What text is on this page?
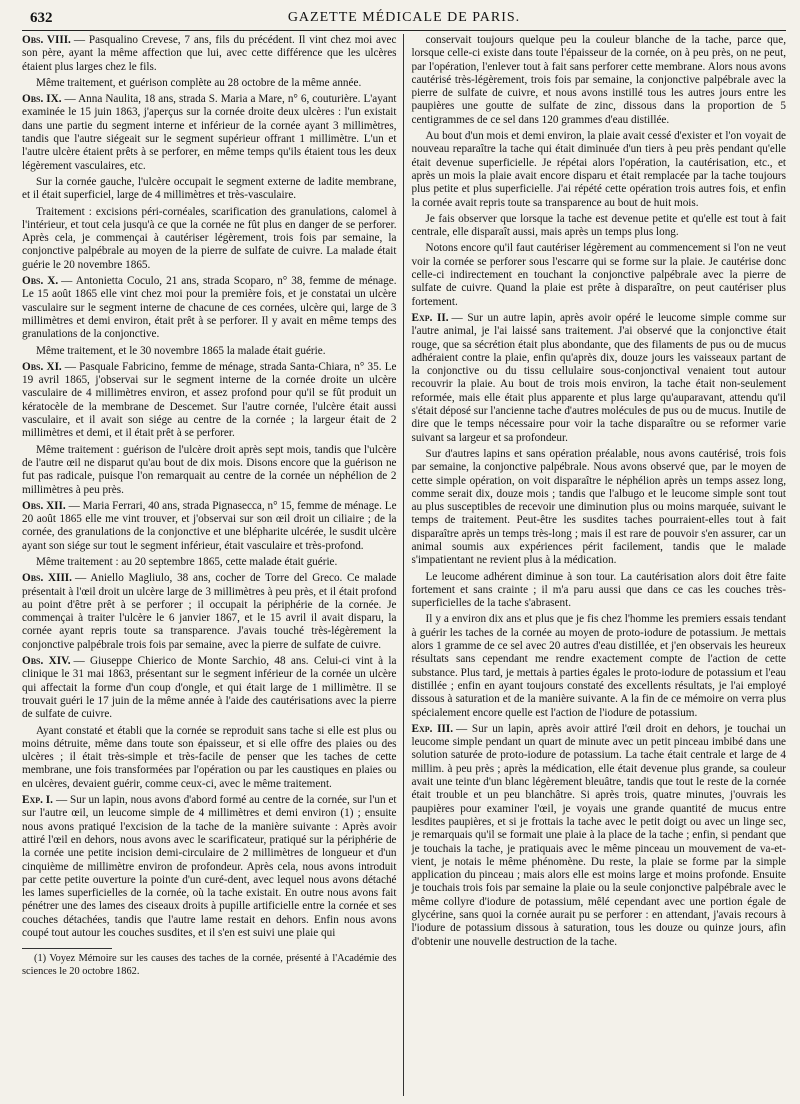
632	GAZETTE MÉDICALE DE PARIS.

Obs. VIII. — Pasqualino Crevese, 7 ans, fils du précédent. Il vint chez moi avec son père, ayant la même affection que lui, avec cette différence que les ulcères étaient plus larges chez le fils.

Même traitement, et guérison complète au 28 octobre de la même année.

Obs. IX. — Anna Naulita, 18 ans, strada S. Maria a Mare, n° 6, couturière. L'ayant examinée le 15 juin 1863, j'aperçus sur la cornée droite deux ulcères : l'un existait dans une partie du segment interne et inférieur de la cornée ayant 3 millimètres, tandis que l'autre siégeait sur le segment supérieur offrant 1 millimètre. L'un et l'autre ulcère étaient prêts à se perforer, en même temps qu'ils étaient tous les deux légèrement vasculaires, etc.

Sur la cornée gauche, l'ulcère occupait le segment externe de ladite membrane, et il était superficiel, large de 4 millimètres et très-vasculaire.

Traitement : excisions péri-cornéales, scarification des granulations, calomel à l'intérieur, et tout cela jusqu'à ce que la cornée ne fût plus en danger de se perforer. Après cela, je commençai à cautériser légèrement, trois fois par semaine, la conjonctive palpébrale au moyen de la pierre de sulfate de cuivre. La malade était guérie le 20 novembre 1865.

Obs. X. — Antonietta Coculo, 21 ans, strada Scoparo, n° 38, femme de ménage. Le 15 août 1865 elle vint chez moi pour la première fois, et je constatai un ulcère vasculaire sur le segment interne de chacune de ces cornées, ulcère qui, large de 3 millimètres et demi environ, était prêt à se perforer. Il y avait en même temps des granulations de la conjonctive.

Même traitement, et le 30 novembre 1865 la malade était guérie.

Obs. XI. — Pasquale Fabricino, femme de ménage, strada Santa-Chiara, n° 35. Le 19 avril 1865, j'observai sur le segment interne de la cornée droite un ulcère vasculaire de 4 millimètres environ, et assez profond pour qu'il se fût produit un kératocèle de la membrane de Descemet. Sur l'autre cornée, l'ulcère était aussi vasculaire, et il avait son siége au centre de la cornée ; la largeur était de 2 millimètres et demi, et il était prêt à se perforer.

Même traitement : guérison de l'ulcère droit après sept mois, tandis que l'ulcère de l'autre œil ne disparut qu'au bout de dix mois. Disons encore que la guérison ne fut pas radicale, puisque l'on remarquait au centre de la cornée un néphélion de 2 millimètres à peu près.

Obs. XII. — Maria Ferrari, 40 ans, strada Pignasecca, n° 15, femme de ménage. Le 20 août 1865 elle me vint trouver, et j'observai sur son œil droit un ciliaire ; de la cornée, des granulations de la conjonctive et une blépharite ulcérée, le susdit ulcère ayant son siége sur tout le segment inférieur, était vasculaire et très-profond.

Même traitement : au 20 septembre 1865, cette malade était guérie.

Obs. XIII. — Aniello Magliulo, 38 ans, cocher de Torre del Greco. Ce malade présentait à l'œil droit un ulcère large de 3 millimètres à peu près, et il était profond au point d'être prêt à se perforer ; il occupait la périphérie de la cornée. Je commençai à traiter l'ulcère le 6 janvier 1867, et le 15 avril il avait disparu, la cornée ayant repris toute sa transparence. J'avais touché très-légèrement la conjonctive palpébrale trois fois par semaine, avec la pierre de sulfate de cuivre.

Obs. XIV. — Giuseppe Chierico de Monte Sarchio, 48 ans. Celui-ci vint à la clinique le 31 mai 1863, présentant sur le segment inférieur de la cornée un ulcère qui affectait la forme d'un coup d'ongle, et qui était large de 1 millimètre. Il se trouvait guéri le 17 juin de la même année à l'aide des cautérisations avec la pierre de sulfate de cuivre.

Ayant constaté et établi que la cornée se reproduit sans tache si elle est plus ou moins détruite, même dans toute son épaisseur, et si elle offre des plaies ou des ulcères ; il était très-simple et très-facile de penser que les taches de cette membrane, une fois transformées par l'opération ou par les caustiques en plaies ou en ulcères, devaient guérir, comme ceux-ci, avec le même traitement.

Exp. I. — Sur un lapin, nous avons d'abord formé au centre de la cornée, sur l'un et sur l'autre œil, un leucome simple de 4 millimètres et demi environ (1) ; ensuite nous avons pratiqué l'excision de la tache de la manière suivante : Après avoir attiré l'œil en dehors, nous avons avec le scarificateur, pratiqué sur la périphérie de la cornée une petite incision demi-circulaire de 2 millimètres de longueur et d'un cinquième de millimètre environ de profondeur. Après cela, nous avons introduit par cette petite ouverture la pointe d'un curé-dent, avec lequel nous avons détaché les lames superficielles de la cornée, où la tache existait. En outre nous avons fait pénétrer une des lames des ciseaux droits à pupille artificielle entre la cornée et ses couches détachées, tandis que l'autre lame restait en dehors. Enfin nous avons coupé tout autour les couches susdites, et il s'en est suivi une plaie qui

(1) Voyez Mémoire sur les causes des taches de la cornée, présenté à l'Académie des sciences le 20 octobre 1862.

conservait toujours quelque peu la couleur blanche de la tache, parce que, lorsque celle-ci existe dans toute l'épaisseur de la cornée, on à peu près, on ne peut, par l'opération, l'enlever tout à fait sans perforer cette membrane. Alors nous avons cautérisé très-légèrement, trois fois par semaine, la conjonctive palpébrale avec la pierre de sulfate de cuivre, et nous avons instillé tous les autres jours entre les paupières une goutte de sulfate de zinc, dissous dans la proportion de 5 centigrammes de ce sel dans 120 grammes d'eau distillée.

Au bout d'un mois et demi environ, la plaie avait cessé d'exister et l'on voyait de nouveau reparaître la tache qui était diminuée d'un tiers à peu près pendant qu'elle était devenue superficielle. Je répétai alors l'opération, la cautérisation, etc., et après un mois la plaie avait encore disparu et était remplacée par la tache toujours plus petite et plus superficielle. J'ai répété cette opération trois autres fois, et enfin la cornée avait repris toute sa transparence au bout de huit mois.

Je fais observer que lorsque la tache est devenue petite et qu'elle est tout à fait centrale, elle disparaît aussi, mais après un temps plus long.

Notons encore qu'il faut cautériser légèrement au commencement si l'on ne veut voir la cornée se perforer sous l'escarre qui se forme sur la plaie. Je cautérise donc celle-ci indirectement en touchant la conjonctive palpébrale avec la pierre de sulfate de cuivre. Quand la plaie est prête à disparaître, on peut cautériser plus fortement.

Exp. II. — Sur un autre lapin, après avoir opéré le leucome simple comme sur l'autre animal, je l'ai laissé sans traitement. J'ai observé que la conjonctive était rouge, que sa sécrétion était plus abondante, que des filaments de pus ou de mucus adhéraient contre la plaie, enfin qu'après dix, douze jours les vaisseaux partant de la conjonctive ou du tissu cellulaire sous-conjonctival venaient tout autour recouvrir la plaie. Au bout de trois mois environ, la tache était non-seulement reformée, mais elle était plus apparente et plus large qu'auparavant, attendu qu'il s'était déposé sur l'ancienne tache d'autres molécules de pus ou de mucus. Inutile de dire que le temps nécessaire pour voir la tache disparaître ou se reformer varie suivant sa largeur et sa profondeur.

Sur d'autres lapins et sans opération préalable, nous avons cautérisé, trois fois par semaine, la conjonctive palpébrale. Nous avons observé que, par le moyen de cette simple opération, on voit disparaître le néphélion après un temps assez long, comme serait dix, douze mois ; tandis que l'albugo et le leucome simple sont tout au plus susceptibles de recevoir une diminution plus ou moins marquée, suivant le temps de traitement. Peut-être les susdites taches pourraient-elles tout à fait disparaître après un temps très-long ; mais il est rare de pouvoir s'en assurer, car un animal soumis aux expériences périt facilement, tandis que le malade s'impatientant ne revient plus à la médication.

Le leucome adhérent diminue à son tour. La cautérisation alors doit être faite fortement et sans crainte ; il m'a paru aussi que dans ce cas les couches très-superficielles de la tache s'abrasent.

Il y a environ dix ans et plus que je fis chez l'homme les premiers essais tendant à guérir les taches de la cornée au moyen de proto-iodure de potassium. Je mettais alors 1 gramme de ce sel avec 20 autres d'eau distillée, et j'en observais les heureux résultats sans cependant me rendre exactement compte de l'action de cette substance. Plus tard, je mettais à parties égales le proto-iodure de potassium et l'eau distillée ; enfin en ayant toujours constaté des excellents résultats, je l'ai employé dissous à saturation et de la manière suivante. A la fin de ce mémoire on verra plus spécialement encore quelle est l'action de l'iodure de potassium.

Exp. III. — Sur un lapin, après avoir attiré l'œil droit en dehors, je touchai un leucome simple pendant un quart de minute avec un petit pinceau imbibé dans une solution saturée de proto-iodure de potassium. La tache était centrale et large de 4 millim. à peu près ; après la médication, elle était devenue plus grande, sa couleur avait une teinte d'un blanc légèrement bleuâtre, tandis que tout le reste de la cornée était trouble et un peu blanchâtre. Si après trois, quatre minutes, j'ouvrais les paupières pour examiner l'œil, je voyais une grande quantité de mucus entre lesdites paupières, et si je frottais la tache avec le petit doigt ou avec un linge sec, je remarquais qu'il se formait une plaie à la place de la tache ; enfin, si pendant que je touchais la tache, je pratiquais avec le même pinceau un mouvement de va-et-vient, je notais le même phénomène. Du reste, la plaie se forme par la simple application du pinceau ; mais alors elle est moins large et moins profonde. Ensuite je touchais trois fois par semaine la plaie ou la seule conjonctive palpébrale avec le même collyre d'iodure de potassium, mêlé cependant avec une portion égale de glycérine, sans quoi la cornée aurait pu se perforer : en attendant, j'avais recours à l'iodure de potassium dissous à saturation, tous les douze ou quinze jours, afin d'obtenir une nouvelle destruction de la tache.
